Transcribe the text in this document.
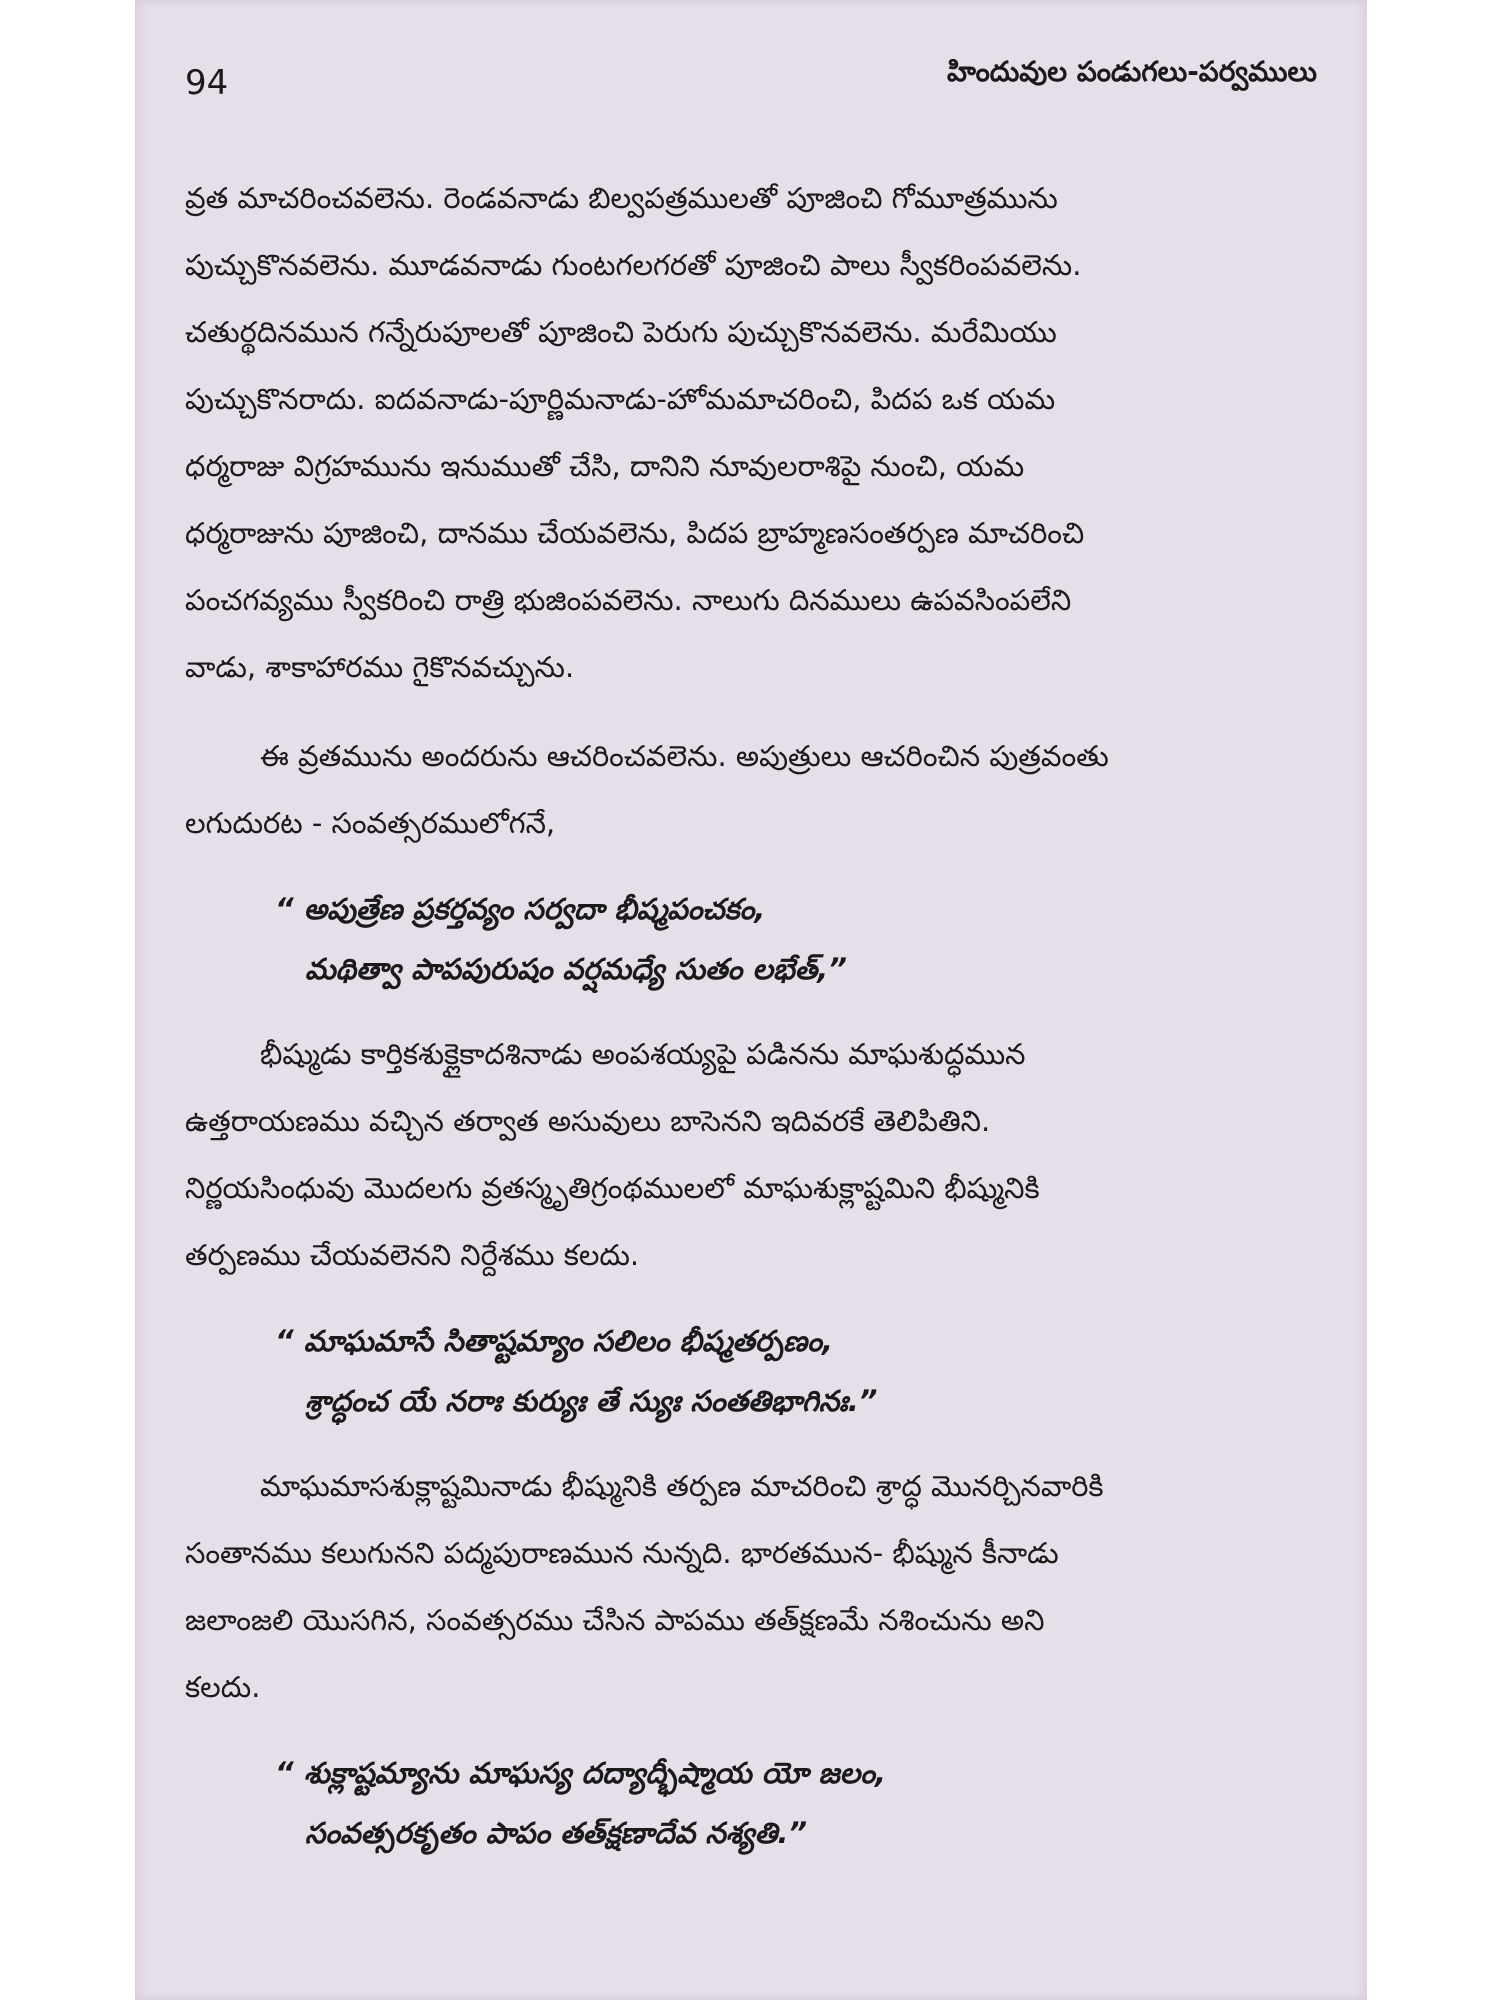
94	హిందువుల పండుగలు-పర్వములు
వ్రత మాచరించవలెను. రెండవనాడు బిల్వపత్రములతో పూజించి గోమూత్రమును
పుచ్చుకొనవలెను. మూడవనాడు గుంటగలగరతో పూజించి పాలు స్వీకరింపవలెను.
చతుర్థదినమున గన్నేరుపూలతో పూజించి పెరుగు పుచ్చుకొనవలెను. మరేమియు
పుచ్చుకొనరాదు. ఐదవనాడు-పూర్ణిమనాడు-హోమమాచరించి, పిదప ఒక యమ
ధర్మరాజు విగ్రహమును ఇనుముతో చేసి, దానిని నూవులరాశిపై నుంచి, యమ
ధర్మరాజును పూజించి, దానము చేయవలెను, పిదప బ్రాహ్మణసంతర్పణ మాచరించి
పంచగవ్యము స్వీకరించి రాత్రి భుజింపవలెను. నాలుగు దినములు ఉపవసింపలేని
వాడు, శాకాహారము గైకొనవచ్చును.
ఈ వ్రతమును అందరును ఆచరించవలెను. అపుత్రులు ఆచరించిన పుత్రవంతు
లగుదురట - సంవత్సరములోగనే,
“ అపుత్రేణ ప్రకర్తవ్యం సర్వదా భీష్మపంచకం,
మథిత్వా పాపపురుషం వర్షమధ్యే సుతం లభేత్,”
భీష్ముడు కార్తికశుక్లైకాదశినాడు అంపశయ్యపై పడినను మాఘశుద్ధమున
ఉత్తరాయణము వచ్చిన తర్వాత అసువులు బాసెనని ఇదివరకే తెలిపితిని.
నిర్ణయసింధువు మొదలగు వ్రతస్మృతిగ్రంథములలో మాఘశుక్లాష్టమిని భీష్మునికి
తర్పణము చేయవలెనని నిర్దేశము కలదు.
“ మాఘమాసే సితాష్టమ్యాం సలిలం భీష్మతర్పణం,
శ్రాద్ధంచ యే నరాః కుర్యుః తే స్యుః సంతతిభాగినః.”
మాఘమాసశుక్లాష్టమినాడు భీష్మునికి తర్పణ మాచరించి శ్రాద్ధ మొనర్చినవారికి
సంతానము కలుగునని పద్మపురాణమున నున్నది. భారతమున- భీష్మున కీనాడు
జలాంజలి యొసగిన, సంవత్సరము చేసిన పాపము తత్‌క్షణమే నశించును అని
కలదు.
“ శుక్లాష్టమ్యాను మాఘస్య దద్యాద్భీష్మాయ యో జలం,
సంవత్సరకృతం పాపం తత్‌క్షణాదేవ నశ్యతి.”
